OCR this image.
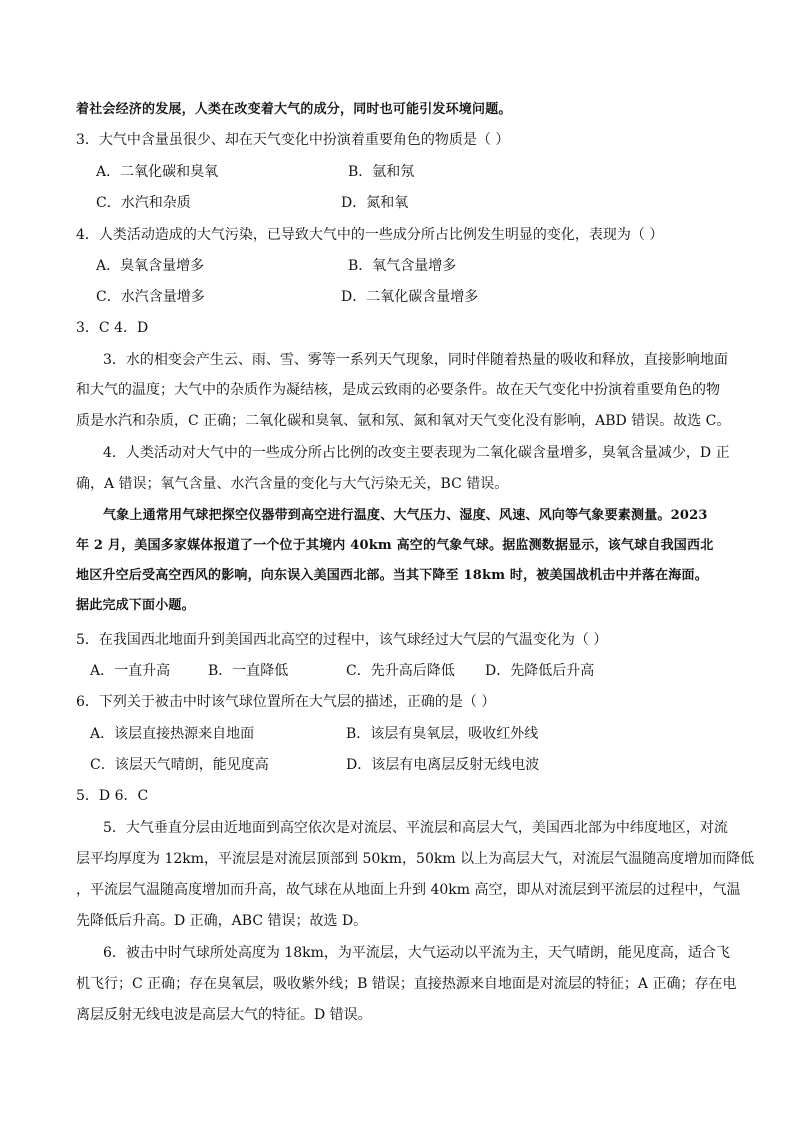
着社会经济的发展，人类在改变着大气的成分，同时也可能引发环境问题。
3．大气中含量虽很少、却在天气变化中扮演着重要角色的物质是（ ）
A．二氧化碳和臭氧	B．氩和氖
C．水汽和杂质	D．氮和氧
4．人类活动造成的大气污染，已导致大气中的一些成分所占比例发生明显的变化，表现为（ ）
A．臭氧含量增多	B．氧气含量增多
C．水汽含量增多	D．二氧化碳含量增多
3．C 4．D
3．水的相变会产生云、雨、雪、雾等一系列天气现象，同时伴随着热量的吸收和释放，直接影响地面
和大气的温度；大气中的杂质作为凝结核，是成云致雨的必要条件。故在天气变化中扮演着重要角色的物
质是水汽和杂质，C 正确；二氧化碳和臭氧、氩和氖、氮和氧对天气变化没有影响，ABD 错误。故选 C。
4．人类活动对大气中的一些成分所占比例的改变主要表现为二氧化碳含量增多，臭氧含量减少，D 正
确，A 错误；氧气含量、水汽含量的变化与大气污染无关，BC 错误。
气象上通常用气球把探空仪器带到高空进行温度、大气压力、湿度、风速、风向等气象要素测量。2023
年 2 月，美国多家媒体报道了一个位于其境内 40km 高空的气象气球。据监测数据显示，该气球自我国西北
地区升空后受高空西风的影响，向东误入美国西北部。当其下降至 18km 时，被美国战机击中并落在海面。
据此完成下面小题。
5．在我国西北地面升到美国西北高空的过程中，该气球经过大气层的气温变化为（ ）
A．一直升高	B．一直降低	C．先升高后降低 D．先降低后升高
6．下列关于被击中时该气球位置所在大气层的描述，正确的是（ ）
A．该层直接热源来自地面	B．该层有臭氧层，吸收红外线
C．该层天气晴朗，能见度高	D．该层有电离层反射无线电波
5．D 6．C
5．大气垂直分层由近地面到高空依次是对流层、平流层和高层大气，美国西北部为中纬度地区，对流
层平均厚度为 12km，平流层是对流层顶部到 50km，50km 以上为高层大气，对流层气温随高度增加而降低
，平流层气温随高度增加而升高，故气球在从地面上升到 40km 高空，即从对流层到平流层的过程中，气温
先降低后升高。D 正确，ABC 错误；故选 D。
6．被击中时气球所处高度为 18km，为平流层，大气运动以平流为主，天气晴朗，能见度高，适合飞
机飞行；C 正确；存在臭氧层，吸收紫外线；B 错误；直接热源来自地面是对流层的特征；A 正确；存在电
离层反射无线电波是高层大气的特征。D 错误。
